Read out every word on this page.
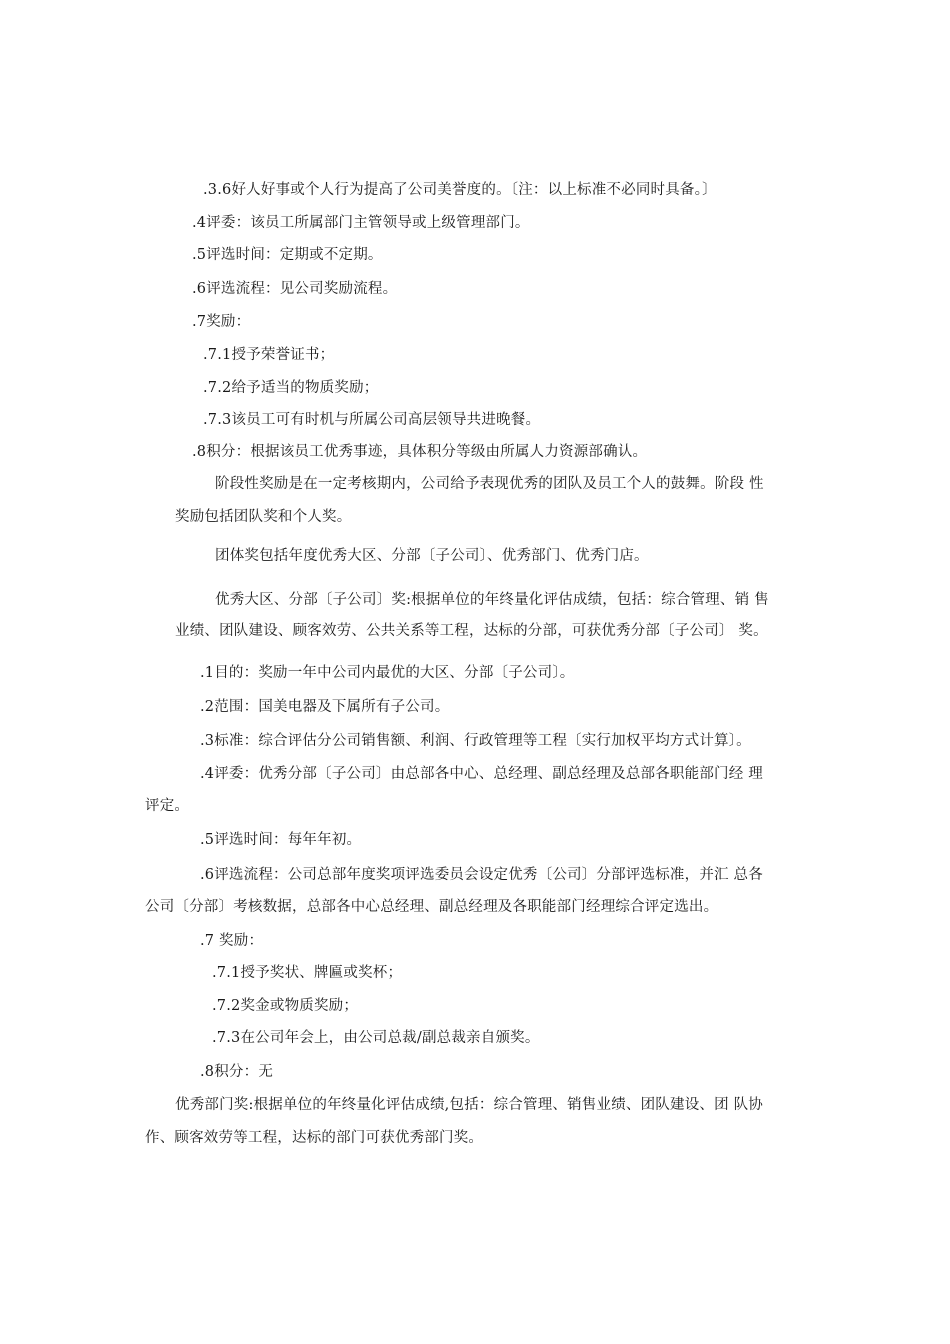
.3.6好人好事或个人行为提高了公司美誉度的。〔注：以上标准不必同时具备。〕
.4评委：该员工所属部门主管领导或上级管理部门。
.5评选时间：定期或不定期。
.6评选流程：见公司奖励流程。
.7奖励：
.7.1授予荣誉证书；
.7.2给予适当的物质奖励；
.7.3该员工可有时机与所属公司高层领导共进晚餐。
.8积分：根据该员工优秀事迹，具体积分等级由所属人力资源部确认。
阶段性奖励是在一定考核期内，公司给予表现优秀的团队及员工个人的鼓舞。阶段 性
奖励包括团队奖和个人奖。
团体奖包括年度优秀大区、分部〔子公司〕、优秀部门、优秀门店。
优秀大区、分部〔子公司〕奖:根据单位的年终量化评估成绩，包括：综合管理、销 售
业绩、团队建设、顾客效劳、公共关系等工程，达标的分部，可获优秀分部〔子公司〕 奖。
.1目的：奖励一年中公司内最优的大区、分部〔子公司〕。
.2范围：国美电器及下属所有子公司。
.3标准：综合评估分公司销售额、利润、行政管理等工程〔实行加权平均方式计算〕。
.4评委：优秀分部〔子公司〕由总部各中心、总经理、副总经理及总部各职能部门经 理
评定。
.5评选时间：每年年初。
.6评选流程：公司总部年度奖项评选委员会设定优秀〔公司〕分部评选标准，并汇 总各
公司〔分部〕考核数据，总部各中心总经理、副总经理及各职能部门经理综合评定选出。
.7 奖励：
.7.1授予奖状、牌匾或奖杯；
.7.2奖金或物质奖励；
.7.3在公司年会上，由公司总裁/副总裁亲自颁奖。
.8积分：无
优秀部门奖:根据单位的年终量化评估成绩,包括：综合管理、销售业绩、团队建设、团 队协
作、顾客效劳等工程，达标的部门可获优秀部门奖。
